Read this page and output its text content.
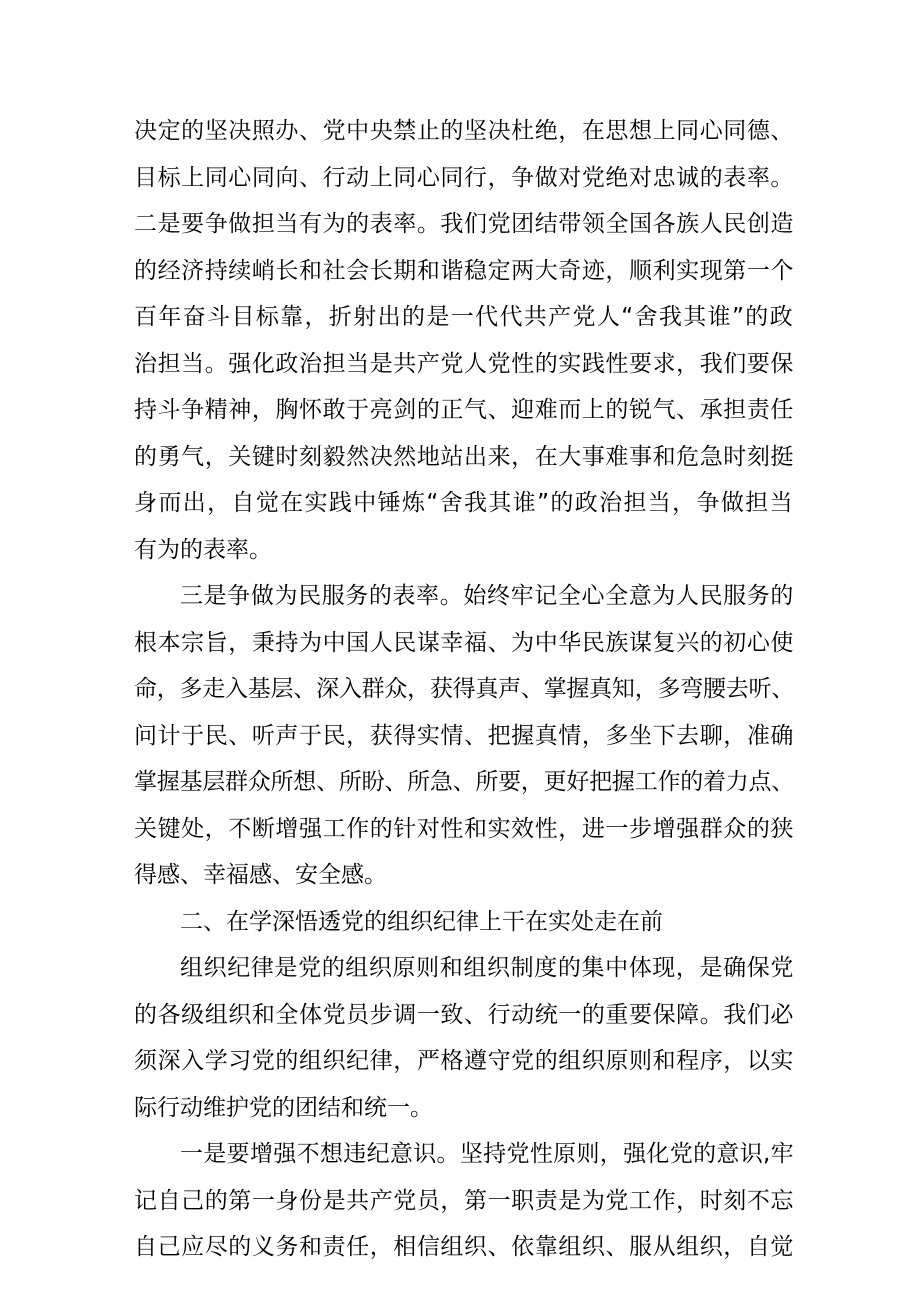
决定的坚决照办、党中央禁止的坚决杜绝，在思想上同心同德、
目标上同心同向、行动上同心同行，争做对党绝对忠诚的表率。
二是要争做担当有为的表率。我们党团结带领全国各族人民创造
的经济持续峭长和社会长期和谐稳定两大奇迹，顺利实现第一个
百年奋斗目标靠，折射出的是一代代共产党人“舍我其谁”的政
治担当。强化政治担当是共产党人党性的实践性要求，我们要保
持斗争精神，胸怀敢于亮剑的正气、迎难而上的锐气、承担责任
的勇气，关键时刻毅然决然地站出来，在大事难事和危急时刻挺
身而出，自觉在实践中锤炼“舍我其谁”的政治担当，争做担当
有为的表率。
三是争做为民服务的表率。始终牢记全心全意为人民服务的
根本宗旨，秉持为中国人民谋幸福、为中华民族谋复兴的初心使
命，多走入基层、深入群众，获得真声、掌握真知，多弯腰去听、
问计于民、听声于民，获得实情、把握真情，多坐下去聊，准确
掌握基层群众所想、所盼、所急、所要，更好把握工作的着力点、
关键处，不断增强工作的针对性和实效性，进一步增强群众的狭
得感、幸福感、安全感。
二、在学深悟透党的组织纪律上干在实处走在前
组织纪律是党的组织原则和组织制度的集中体现，是确保党
的各级组织和全体党员步调一致、行动统一的重要保障。我们必
须深入学习党的组织纪律，严格遵守党的组织原则和程序，以实
际行动维护党的团结和统一。
一是要增强不想违纪意识。坚持党性原则，强化党的意识,牢
记自己的第一身份是共产党员，第一职责是为党工作，时刻不忘
自己应尽的义务和责任，相信组织、依靠组织、服从组织，自觉
